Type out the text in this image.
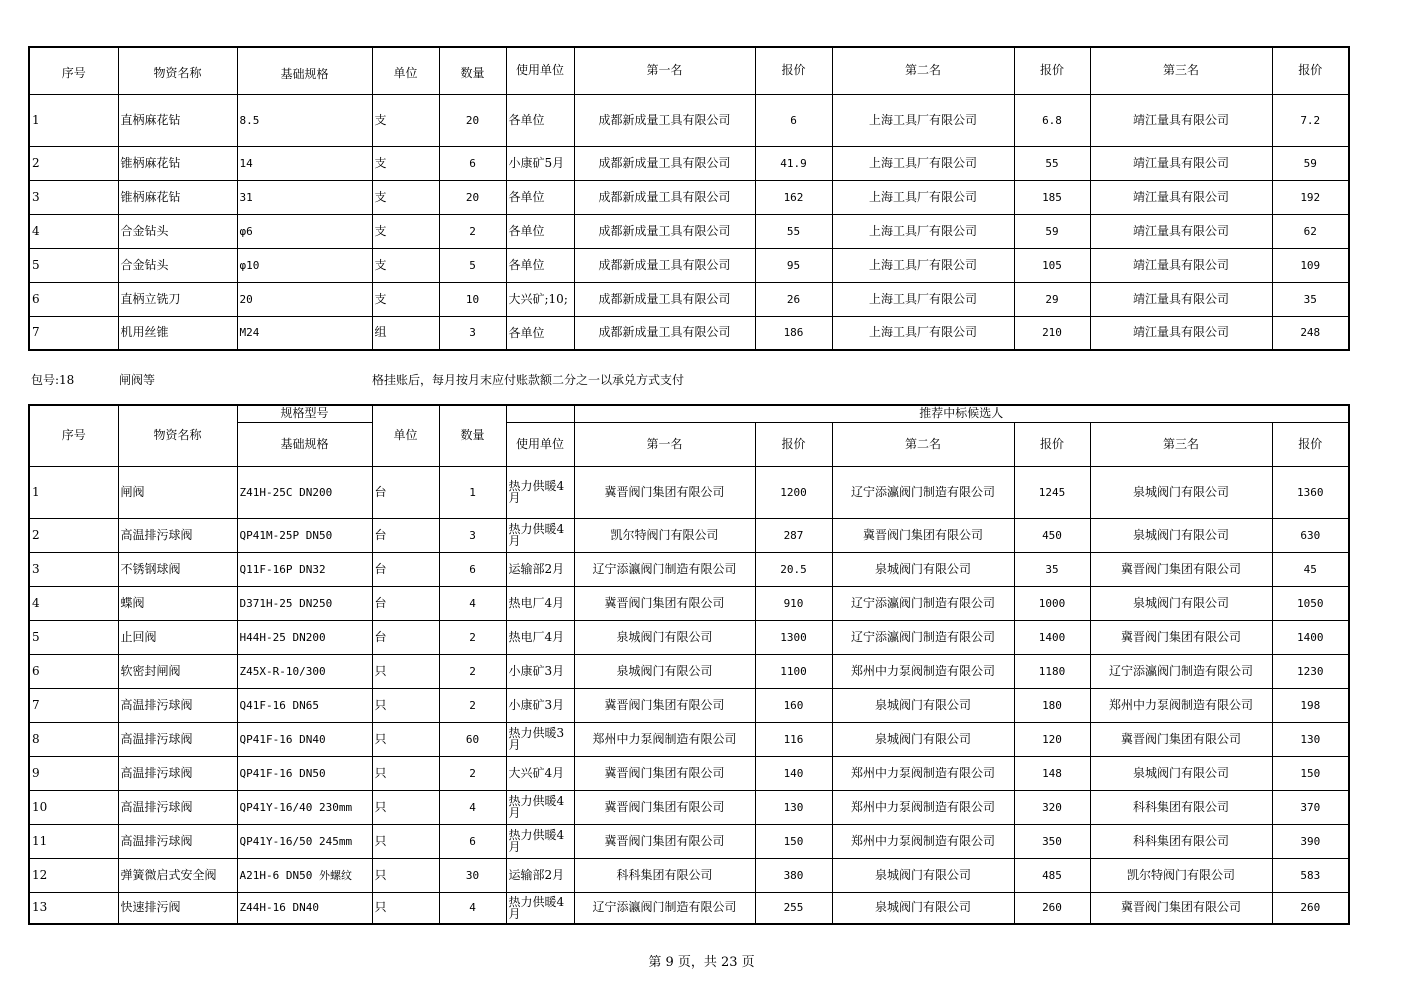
序号	物资名称	基础规格	单位	数量	使用单位	第一名	报价	第二名	报价	第三名	报价
1	直柄麻花钻	8.5	支	20	各单位	成都新成量工具有限公司	6	上海工具厂有限公司	6.8	靖江量具有限公司	7.2
2	锥柄麻花钻	14	支	6	小康矿5月	成都新成量工具有限公司	41.9	上海工具厂有限公司	55	靖江量具有限公司	59
3	锥柄麻花钻	31	支	20	各单位	成都新成量工具有限公司	162	上海工具厂有限公司	185	靖江量具有限公司	192
4	合金钻头	φ6	支	2	各单位	成都新成量工具有限公司	55	上海工具厂有限公司	59	靖江量具有限公司	62
5	合金钻头	φ10	支	5	各单位	成都新成量工具有限公司	95	上海工具厂有限公司	105	靖江量具有限公司	109
6	直柄立铣刀	20	支	10	大兴矿;10;	成都新成量工具有限公司	26	上海工具厂有限公司	29	靖江量具有限公司	35
7	机用丝锥	M24	组	3	各单位	成都新成量工具有限公司	186	上海工具厂有限公司	210	靖江量具有限公司	248
包号:18	闸阀等	格挂账后，每月按月末应付账款额二分之一以承兑方式支付
序号	物资名称	规格型号	单位	数量		推荐中标候选人					
		基础规格			使用单位	第一名	报价	第二名	报价	第三名	报价
1	闸阀	Z41H-25C DN200	台	1	热力供暖4月	冀晋阀门集团有限公司	1200	辽宁添瀛阀门制造有限公司	1245	泉城阀门有限公司	1360
2	高温排污球阀	QP41M-25P DN50	台	3	热力供暖4月	凯尔特阀门有限公司	287	冀晋阀门集团有限公司	450	泉城阀门有限公司	630
3	不锈钢球阀	Q11F-16P DN32	台	6	运输部2月	辽宁添瀛阀门制造有限公司	20.5	泉城阀门有限公司	35	冀晋阀门集团有限公司	45
4	蝶阀	D371H-25 DN250	台	4	热电厂4月	冀晋阀门集团有限公司	910	辽宁添瀛阀门制造有限公司	1000	泉城阀门有限公司	1050
5	止回阀	H44H-25 DN200	台	2	热电厂4月	泉城阀门有限公司	1300	辽宁添瀛阀门制造有限公司	1400	冀晋阀门集团有限公司	1400
6	软密封闸阀	Z45X-R-10/300	只	2	小康矿3月	泉城阀门有限公司	1100	郑州中力泵阀制造有限公司	1180	辽宁添瀛阀门制造有限公司	1230
7	高温排污球阀	Q41F-16 DN65	只	2	小康矿3月	冀晋阀门集团有限公司	160	泉城阀门有限公司	180	郑州中力泵阀制造有限公司	198
8	高温排污球阀	QP41F-16 DN40	只	60	热力供暖3月	郑州中力泵阀制造有限公司	116	泉城阀门有限公司	120	冀晋阀门集团有限公司	130
9	高温排污球阀	QP41F-16 DN50	只	2	大兴矿4月	冀晋阀门集团有限公司	140	郑州中力泵阀制造有限公司	148	泉城阀门有限公司	150
10	高温排污球阀	QP41Y-16/40 230mm	只	4	热力供暖4月	冀晋阀门集团有限公司	130	郑州中力泵阀制造有限公司	320	科科集团有限公司	370
11	高温排污球阀	QP41Y-16/50 245mm	只	6	热力供暖4月	冀晋阀门集团有限公司	150	郑州中力泵阀制造有限公司	350	科科集团有限公司	390
12	弹簧微启式安全阀	A21H-6 DN50 外螺纹	只	30	运输部2月	科科集团有限公司	380	泉城阀门有限公司	485	凯尔特阀门有限公司	583
13	快速排污阀	Z44H-16 DN40	只	4	热力供暖4月	辽宁添瀛阀门制造有限公司	255	泉城阀门有限公司	260	冀晋阀门集团有限公司	260
第 9 页，共 23 页
